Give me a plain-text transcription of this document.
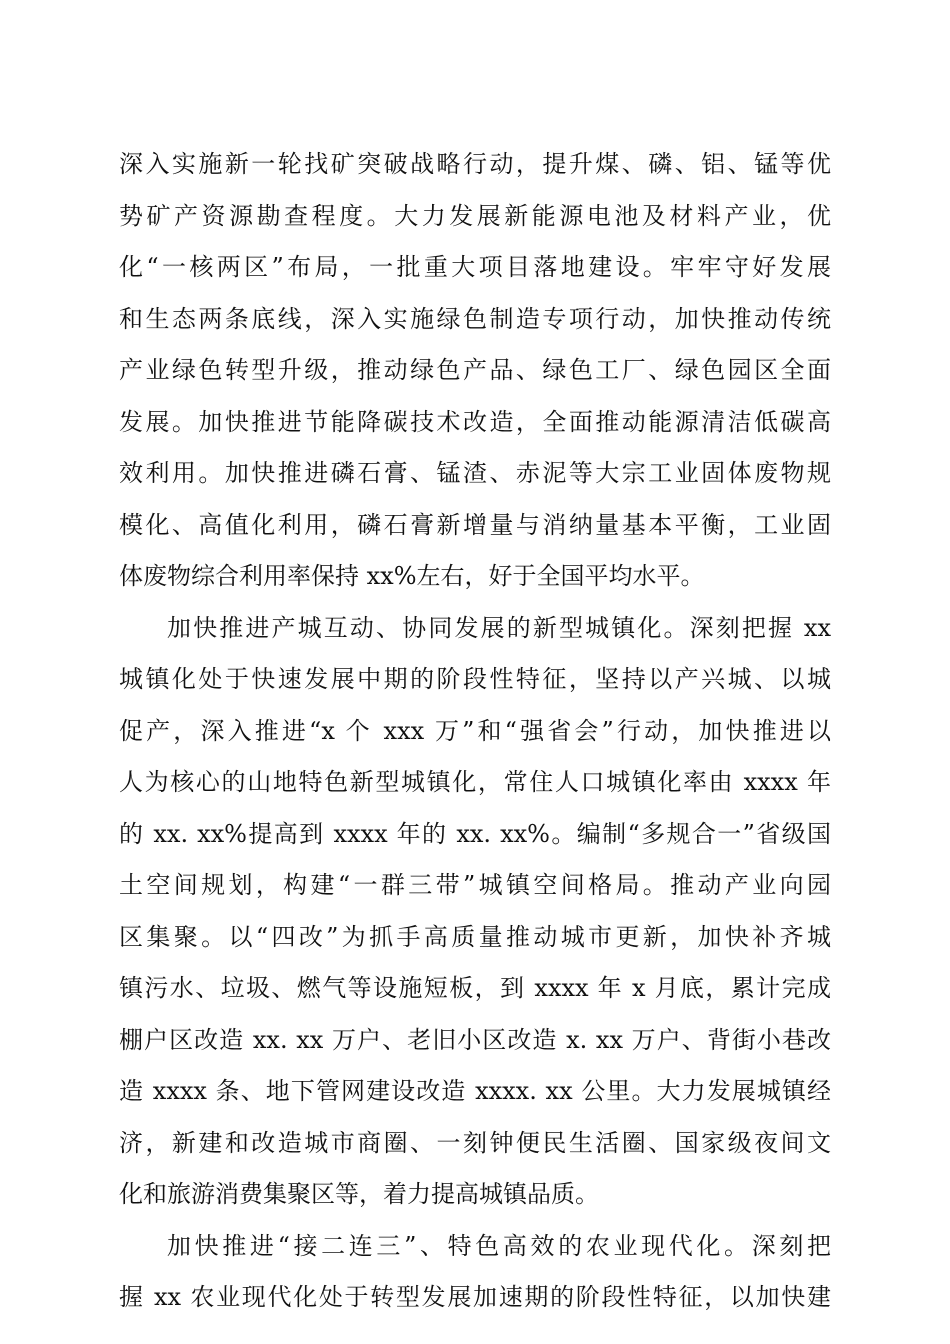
深入实施新一轮找矿突破战略行动，提升煤、磷、铝、锰等优
势矿产资源勘查程度。大力发展新能源电池及材料产业，优
化“一核两区”布局，一批重大项目落地建设。牢牢守好发展
和生态两条底线，深入实施绿色制造专项行动，加快推动传统
产业绿色转型升级，推动绿色产品、绿色工厂、绿色园区全面
发展。加快推进节能降碳技术改造，全面推动能源清洁低碳高
效利用。加快推进磷石膏、锰渣、赤泥等大宗工业固体废物规
模化、高值化利用，磷石膏新增量与消纳量基本平衡，工业固
体废物综合利用率保持 xx%左右，好于全国平均水平。
加快推进产城互动、协同发展的新型城镇化。深刻把握 xx
城镇化处于快速发展中期的阶段性特征，坚持以产兴城、以城
促产，深入推进“x 个 xxx 万”和“强省会”行动，加快推进以
人为核心的山地特色新型城镇化，常住人口城镇化率由 xxxx 年
的 xx. xx%提高到 xxxx 年的 xx. xx%。编制“多规合一”省级国
土空间规划，构建“一群三带”城镇空间格局。推动产业向园
区集聚。以“四改”为抓手高质量推动城市更新，加快补齐城
镇污水、垃圾、燃气等设施短板，到 xxxx 年 x 月底，累计完成
棚户区改造 xx. xx 万户、老旧小区改造 x. xx 万户、背街小巷改
造 xxxx 条、地下管网建设改造 xxxx. xx 公里。大力发展城镇经
济，新建和改造城市商圈、一刻钟便民生活圈、国家级夜间文
化和旅游消费集聚区等，着力提高城镇品质。
加快推进“接二连三”、特色高效的农业现代化。深刻把
握 xx 农业现代化处于转型发展加速期的阶段性特征，以加快建
